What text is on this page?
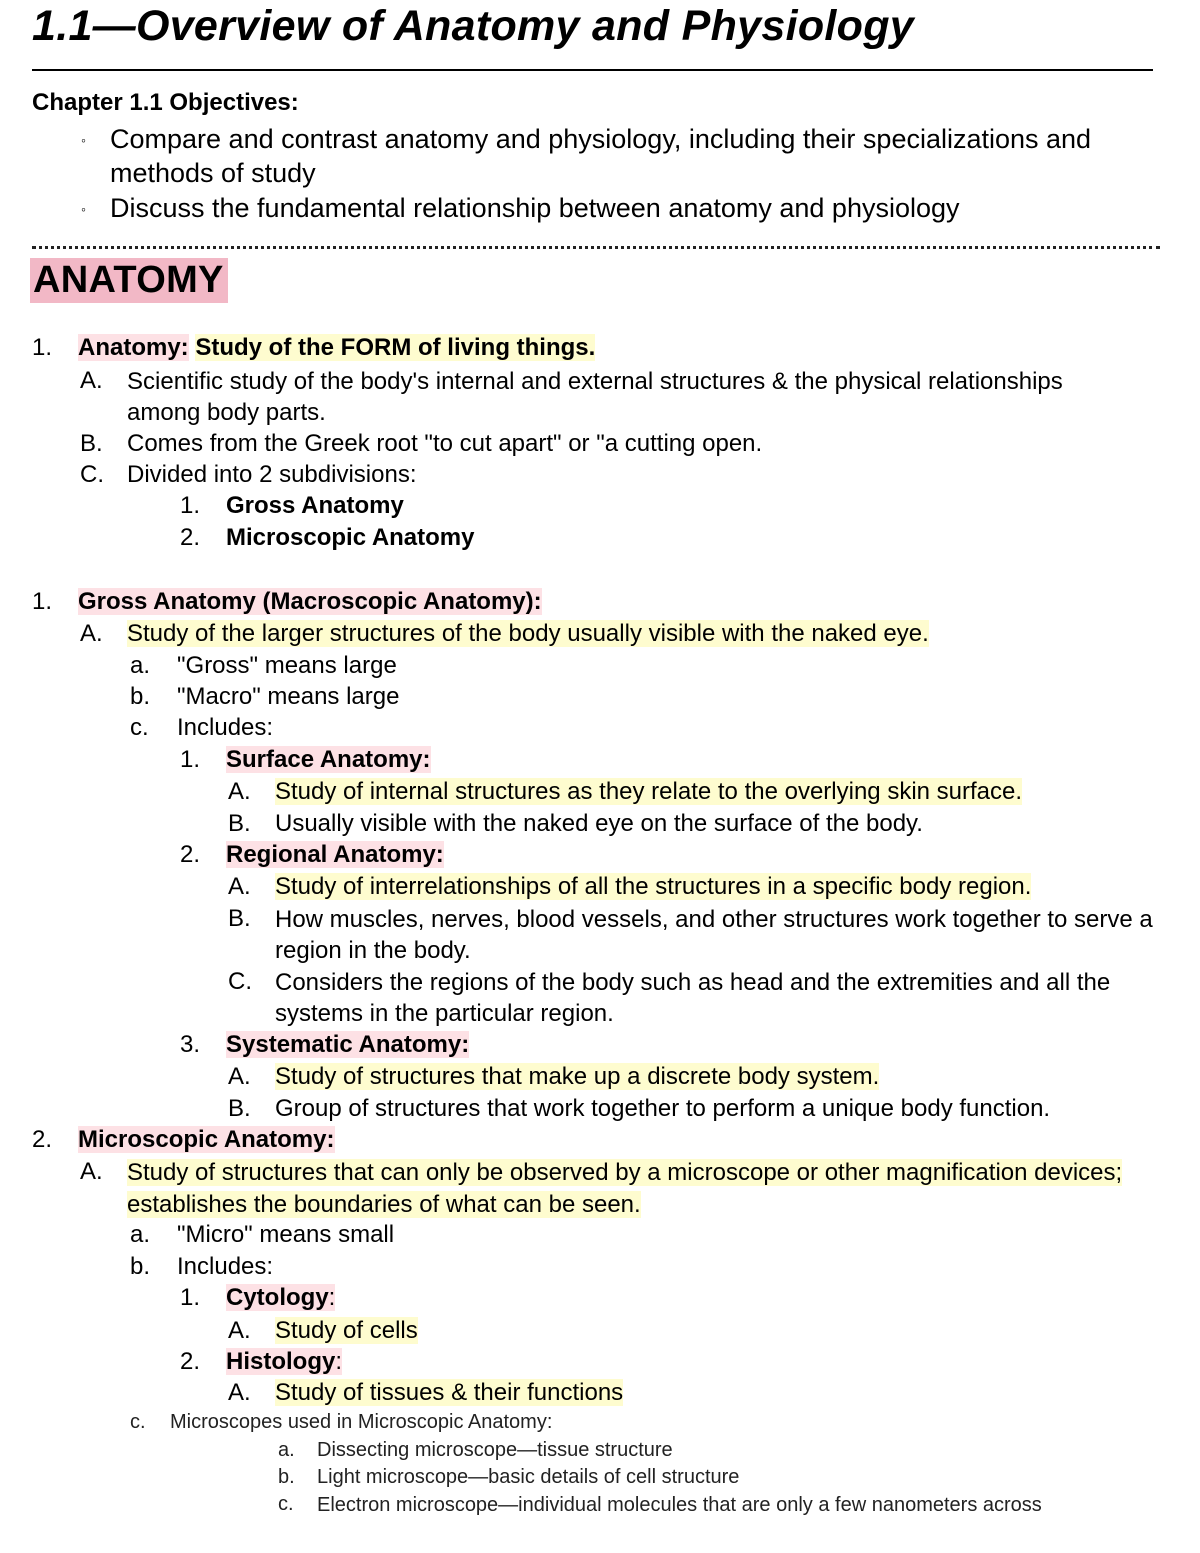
1.1—Overview of Anatomy and Physiology
Chapter 1.1 Objectives:
◦ Compare and contrast anatomy and physiology, including their specializations and methods of study
◦ Discuss the fundamental relationship between anatomy and physiology
ANATOMY
1. Anatomy: Study of the FORM of living things.
A. Scientific study of the body's internal and external structures & the physical relationships among body parts.
B. Comes from the Greek root "to cut apart" or "a cutting open.
C. Divided into 2 subdivisions:
1. Gross Anatomy
2. Microscopic Anatomy
1. Gross Anatomy (Macroscopic Anatomy):
A. Study of the larger structures of the body usually visible with the naked eye.
a. "Gross" means large
b. "Macro" means large
c. Includes:
1. Surface Anatomy:
A. Study of internal structures as they relate to the overlying skin surface.
B. Usually visible with the naked eye on the surface of the body.
2. Regional Anatomy:
A. Study of interrelationships of all the structures in a specific body region.
B. How muscles, nerves, blood vessels, and other structures work together to serve a region in the body.
C. Considers the regions of the body such as head and the extremities and all the systems in the particular region.
3. Systematic Anatomy:
A. Study of structures that make up a discrete body system.
B. Group of structures that work together to perform a unique body function.
2. Microscopic Anatomy:
A. Study of structures that can only be observed by a microscope or other magnification devices; establishes the boundaries of what can be seen.
a. "Micro" means small
b. Includes:
1. Cytology:
A. Study of cells
2. Histology:
A. Study of tissues & their functions
c. Microscopes used in Microscopic Anatomy:
a. Dissecting microscope—tissue structure
b. Light microscope—basic details of cell structure
c. Electron microscope—individual molecules that are only a few nanometers across
